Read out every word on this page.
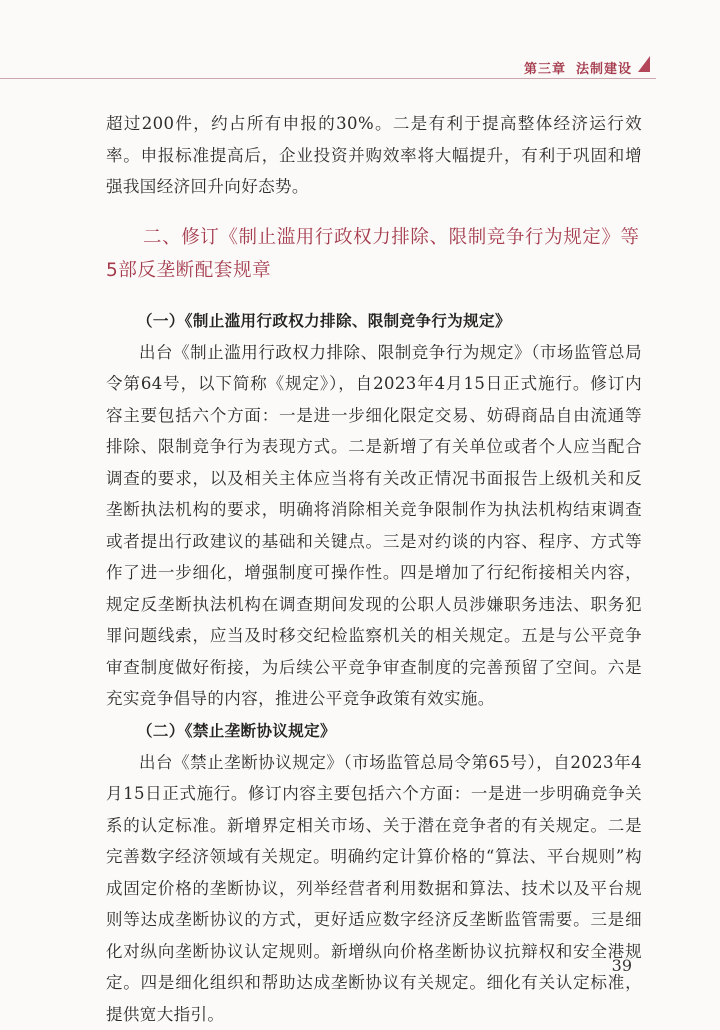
第三章 法制建设

超过200件，约占所有申报的30%。二是有利于提高整体经济运行效率。申报标准提高后，企业投资并购效率将大幅提升，有利于巩固和增强我国经济回升向好态势。

二、修订《制止滥用行政权力排除、限制竞争行为规定》等5部反垄断配套规章
（一）《制止滥用行政权力排除、限制竞争行为规定》

出台《制止滥用行政权力排除、限制竞争行为规定》（市场监管总局令第64号，以下简称《规定》），自2023年4月15日正式施行。修订内容主要包括六个方面：一是进一步细化限定交易、妨碍商品自由流通等排除、限制竞争行为表现方式。二是新增了有关单位或者个人应当配合调查的要求，以及相关主体应当将有关改正情况书面报告上级机关和反垄断执法机构的要求，明确将消除相关竞争限制作为执法机构结束调查或者提出行政建议的基础和关键点。三是对约谈的内容、程序、方式等作了进一步细化，增强制度可操作性。四是增加了行纪衔接相关内容，规定反垄断执法机构在调查期间发现的公职人员涉嫌职务违法、职务犯罪问题线索，应当及时移交纪检监察机关的相关规定。五是与公平竞争审查制度做好衔接，为后续公平竞争审查制度的完善预留了空间。六是充实竞争倡导的内容，推进公平竞争政策有效实施。

（二）《禁止垄断协议规定》

出台《禁止垄断协议规定》（市场监管总局令第65号），自2023年4月15日正式施行。修订内容主要包括六个方面：一是进一步明确竞争关系的认定标准。新增界定相关市场、关于潜在竞争者的有关规定。二是完善数字经济领域有关规定。明确约定计算价格的“算法、平台规则”构成固定价格的垄断协议，列举经营者利用数据和算法、技术以及平台规则等达成垄断协议的方式，更好适应数字经济反垄断监管需要。三是细化对纵向垄断协议认定规则。新增纵向价格垄断协议抗辩权和安全港规定。四是细化组织和帮助达成垄断协议有关规定。细化有关认定标准，提供宽大指引。

39
